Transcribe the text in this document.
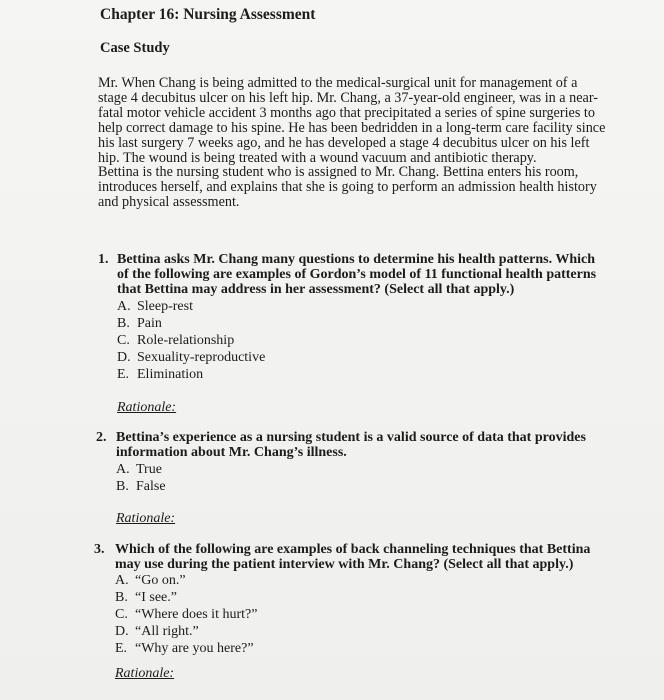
Chapter 16: Nursing Assessment
Case Study
Mr. When Chang is being admitted to the medical-surgical unit for management of a
stage 4 decubitus ulcer on his left hip. Mr. Chang, a 37-year-old engineer, was in a near-
fatal motor vehicle accident 3 months ago that precipitated a series of spine surgeries to
help correct damage to his spine. He has been bedridden in a long-term care facility since
his last surgery 7 weeks ago, and he has developed a stage 4 decubitus ulcer on his left
hip. The wound is being treated with a wound vacuum and antibiotic therapy.
Bettina is the nursing student who is assigned to Mr. Chang. Bettina enters his room,
introduces herself, and explains that she is going to perform an admission health history
and physical assessment.
1. Bettina asks Mr. Chang many questions to determine his health patterns. Which
of the following are examples of Gordon’s model of 11 functional health patterns
that Bettina may address in her assessment? (Select all that apply.)
A. Sleep-rest
B. Pain
C. Role-relationship
D. Sexuality-reproductive
E. Elimination
Rationale:
2. Bettina’s experience as a nursing student is a valid source of data that provides
information about Mr. Chang’s illness.
A. True
B. False
Rationale:
3. Which of the following are examples of back channeling techniques that Bettina
may use during the patient interview with Mr. Chang? (Select all that apply.)
A. “Go on.”
B. “I see.”
C. “Where does it hurt?”
D. “All right.”
E. “Why are you here?”
Rationale:
